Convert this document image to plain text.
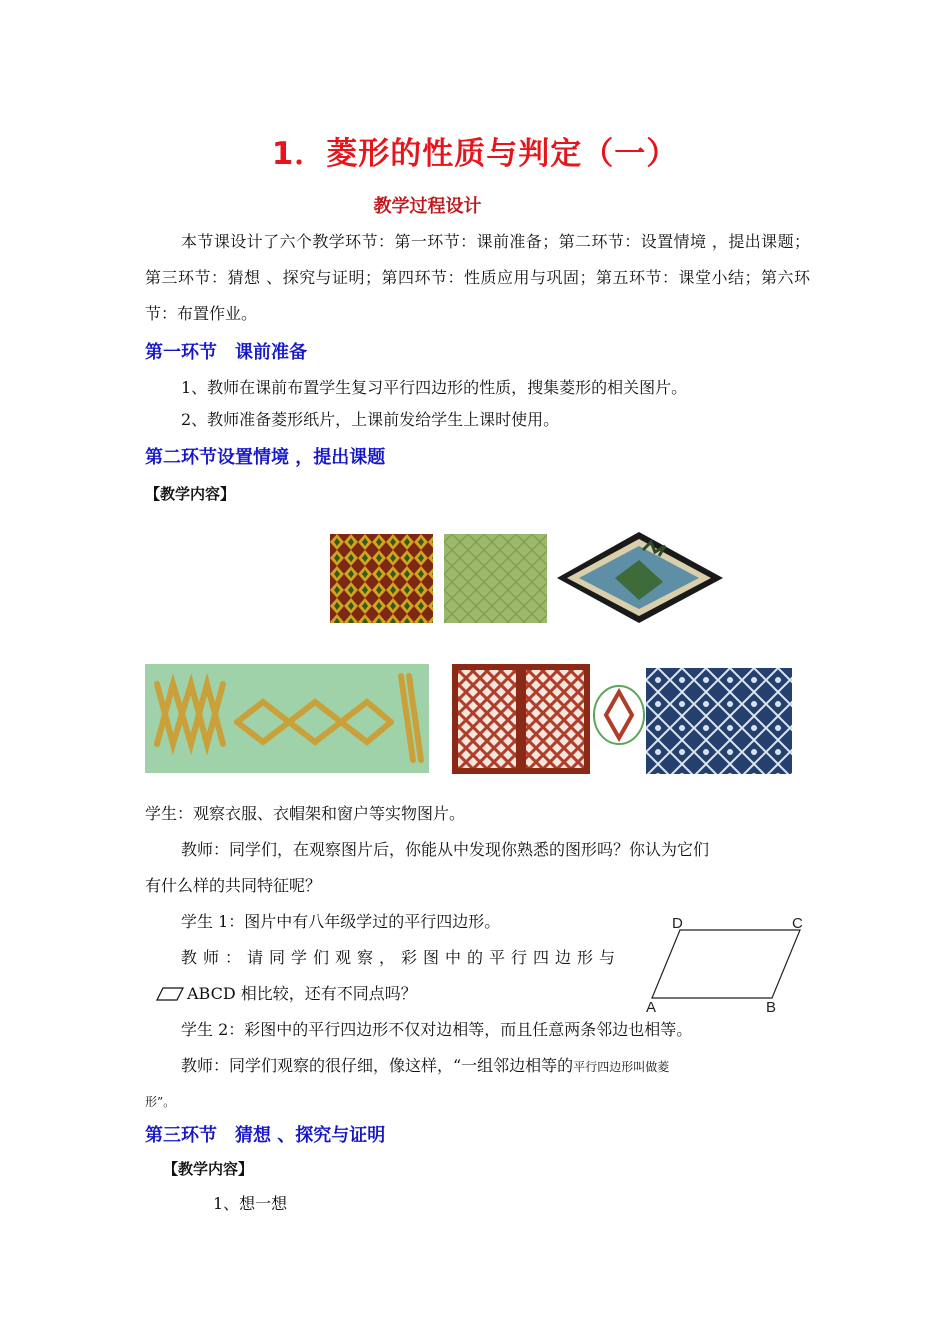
1．菱形的性质与判定（一）
教学过程设计
本节课设计了六个教学环节：第一环节：课前准备；第二环节：设置情境 ，提出课题；第三环节：猜想 、探究与证明；第四环节：性质应用与巩固；第五环节：课堂小结；第六环节：布置作业。
第一环节　课前准备
1、教师在课前布置学生复习平行四边形的性质，搜集菱形的相关图片。
2、教师准备菱形纸片，上课前发给学生上课时使用。
第二环节设置情境 ，提出课题
【教学内容】
学生：观察衣服、衣帽架和窗户等实物图片。
教师：同学们，在观察图片后，你能从中发现你熟悉的图形吗？你认为它们
有什么样的共同特征呢？
学生 1：图片中有八年级学过的平行四边形。
教师：请同学们观察，彩图中的平行四边形与
ABCD 相比较，还有不同点吗？
D	C
A	B
学生 2：彩图中的平行四边形不仅对边相等，而且任意两条邻边也相等。
教师：同学们观察的很仔细，像这样，“一组邻边相等的平行四边形叫做菱
形”。
第三环节　猜想 、探究与证明
【教学内容】
1、想一想
